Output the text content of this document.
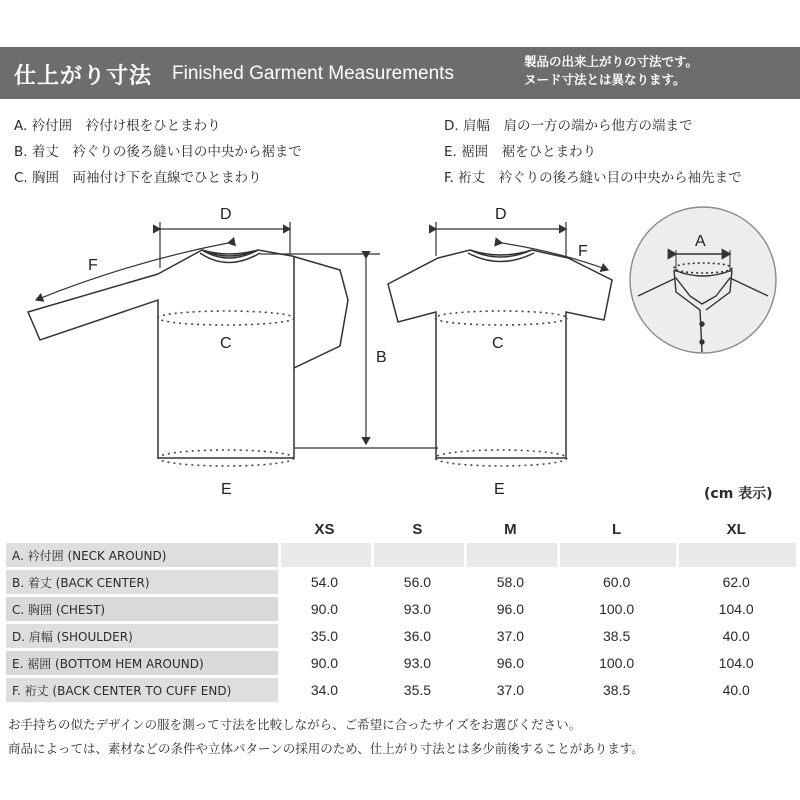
仕上がり寸法 Finished Garment Measurements
製品の出来上がりの寸法です。
ヌード寸法とは異なります。
A. 衿付囲　衿付け根をひとまわり
B. 着丈　衿ぐりの後ろ縫い目の中央から裾まで
C. 胸囲　両袖付け下を直線でひとまわり
D. 肩幅　肩の一方の端から他方の端まで
E. 裾囲　裾をひとまわり
F. 裄丈　衿ぐりの後ろ縫い目の中央から袖先まで
D	D
F
F
C	C
B
E	E
A
(cm 表示)
	XS	S	M	L	XL
A. 衿付囲 (NECK AROUND)					
B. 着丈 (BACK CENTER)	54.0	56.0	58.0	60.0	62.0
C. 胸囲 (CHEST)	90.0	93.0	96.0	100.0	104.0
D. 肩幅 (SHOULDER)	35.0	36.0	37.0	38.5	40.0
E. 裾囲 (BOTTOM HEM AROUND)	90.0	93.0	96.0	100.0	104.0
F. 裄丈 (BACK CENTER TO CUFF END)	34.0	35.5	37.0	38.5	40.0
お手持ちの似たデザインの服を測って寸法を比較しながら、ご希望に合ったサイズをお選びください。
商品によっては、素材などの条件や立体パターンの採用のため、仕上がり寸法とは多少前後することがあります。
